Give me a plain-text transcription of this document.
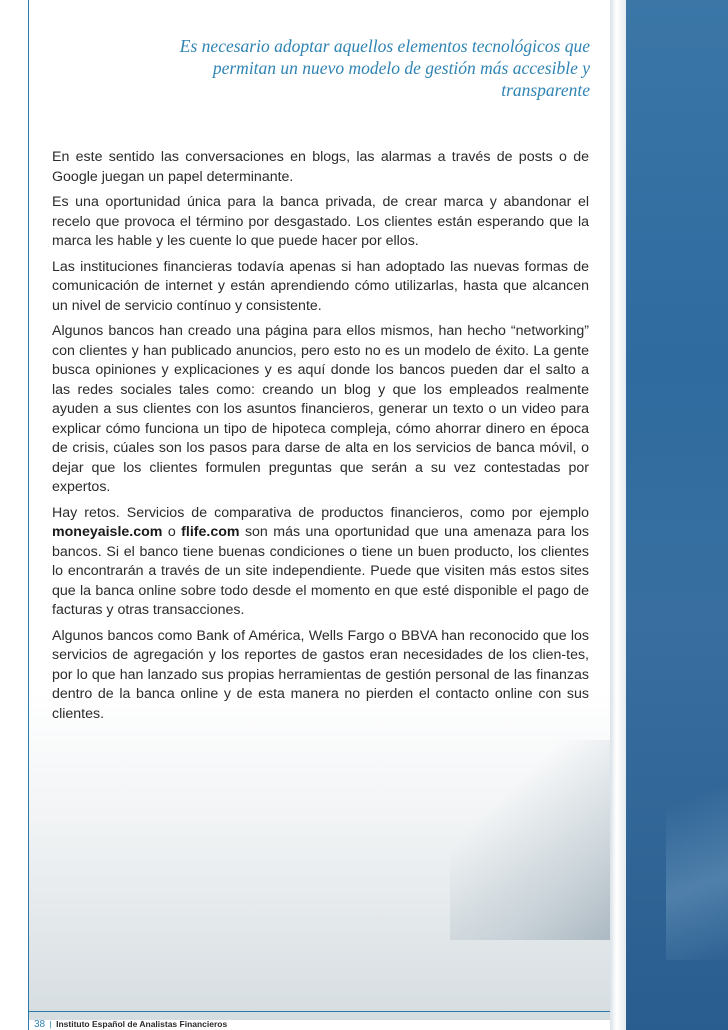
Es necesario adoptar aquellos elementos tecnológicos que
permitan un nuevo modelo de gestión más accesible y
transparente

En este sentido las conversaciones en blogs, las alarmas a través de posts o de Google juegan un papel determinante.

Es una oportunidad única para la banca privada, de crear marca y abandonar el recelo que provoca el término por desgastado. Los clientes están esperando que la marca les hable y les cuente lo que puede hacer por ellos.

Las instituciones financieras todavía apenas si han adoptado las nuevas formas de comunicación de internet y están aprendiendo cómo utilizarlas, hasta que alcancen un nivel de servicio contínuo y consistente.

Algunos bancos han creado una página para ellos mismos, han hecho “networking” con clientes y han publicado anuncios, pero esto no es un modelo de éxito. La gente busca opiniones y explicaciones y es aquí donde los bancos pueden dar el salto a las redes sociales tales como: creando un blog y que los empleados realmente ayuden a sus clientes con los asuntos financieros, generar un texto o un video para explicar cómo funciona un tipo de hipoteca compleja, cómo ahorrar dinero en época de crisis, cúales son los pasos para darse de alta en los servicios de banca móvil, o dejar que los clientes formulen preguntas que serán a su vez contestadas por expertos.

Hay retos. Servicios de comparativa de productos financieros, como por ejemplo moneyaisle.com o flife.com son más una oportunidad que una amenaza para los bancos. Si el banco tiene buenas condiciones o tiene un buen producto, los clientes lo encontrarán a través de un site independiente. Puede que visiten más estos sites que la banca online sobre todo desde el momento en que esté disponible el pago de facturas y otras transacciones.

Algunos bancos como Bank of América, Wells Fargo o BBVA han reconocido que los servicios de agregación y los reportes de gastos eran necesidades de los clien-tes, por lo que han lanzado sus propias herramientas de gestión personal de las finanzas dentro de la banca online y de esta manera no pierden el contacto online con sus clientes.

38 | Instituto Español de Analistas Financieros
